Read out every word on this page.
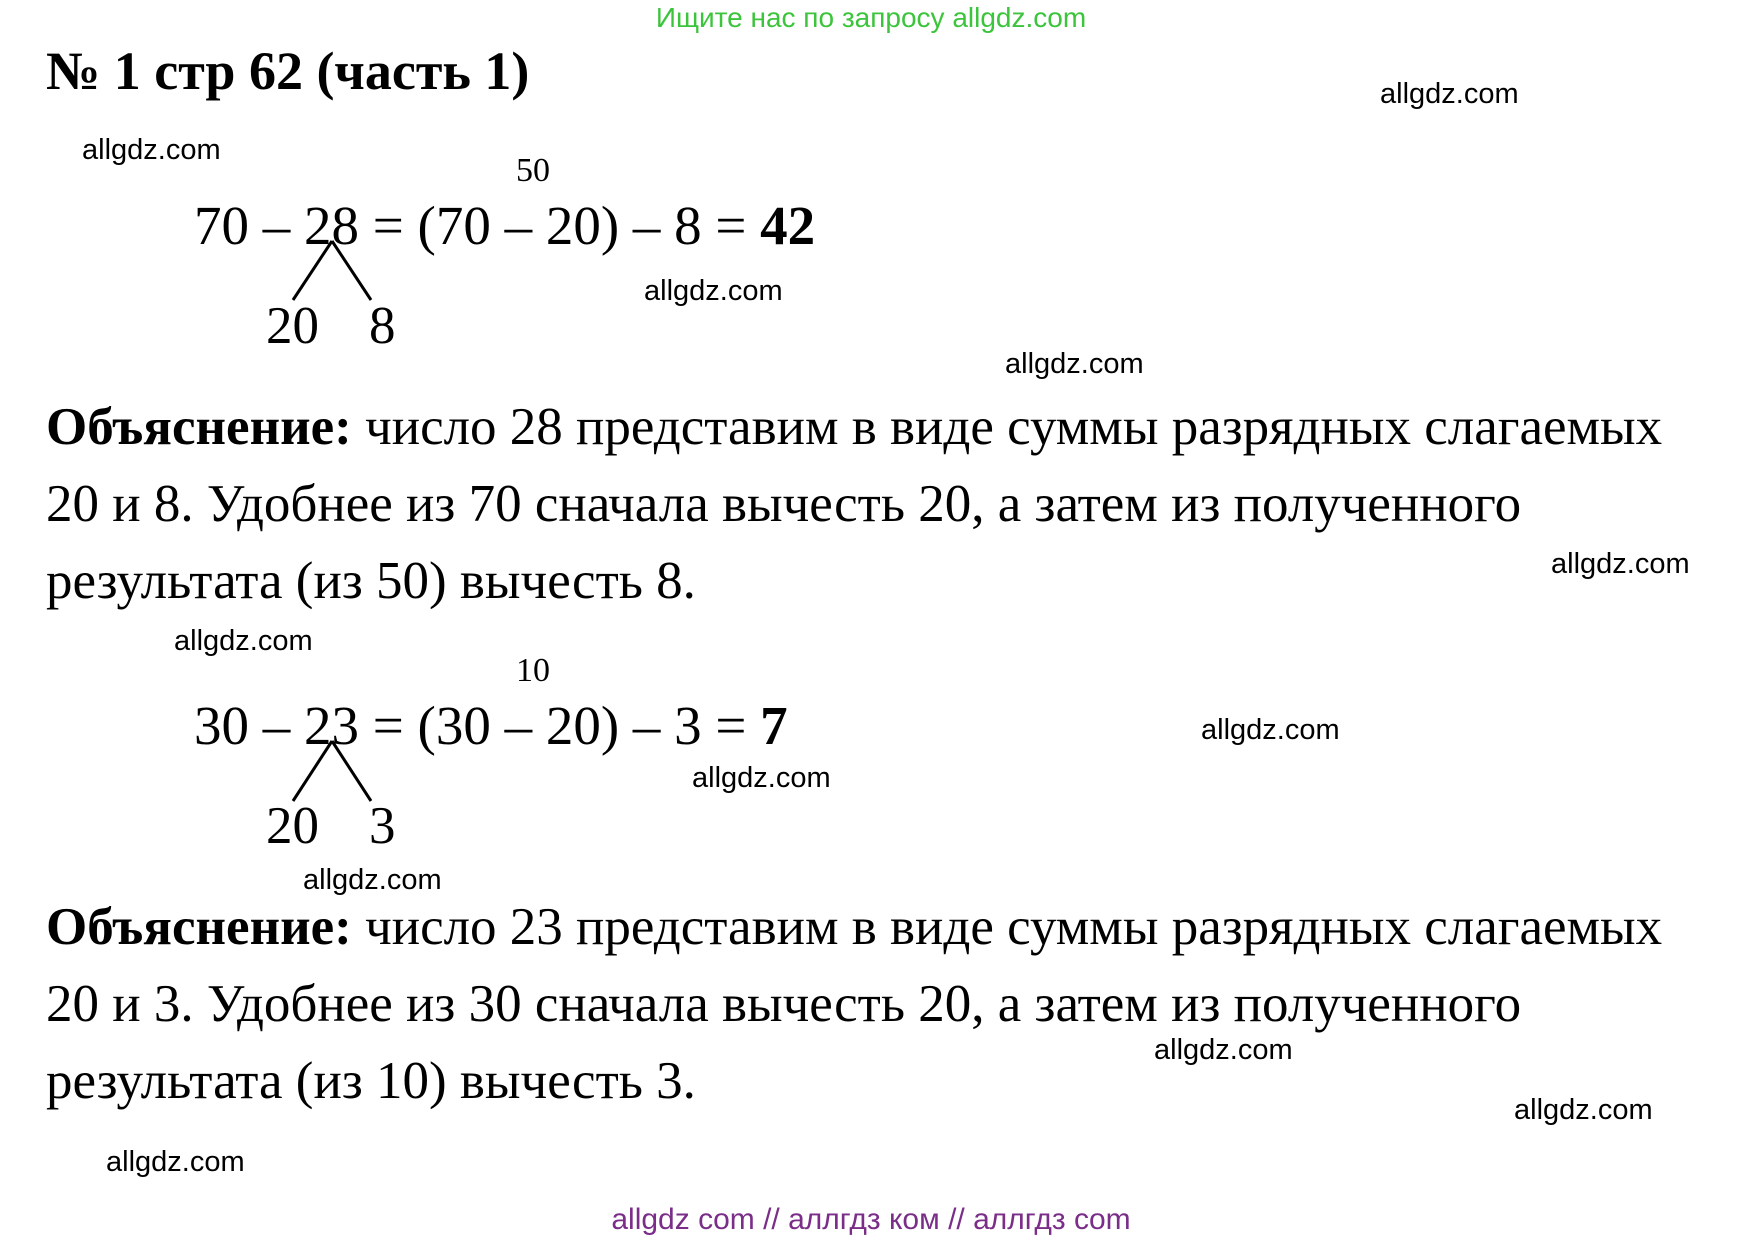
Ищите нас по запросу allgdz.com
№ 1 стр 62 (часть 1)	allgdz.com
allgdz.com
allgdz.com
allgdz.com
allgdz.com
allgdz.com
allgdz.com
allgdz.com
allgdz.com
allgdz.com
allgdz.com
allgdz.com
50
70 – 28 = (70 – 20) – 8 = 42
20 8
Объяснение: число 28 представим в виде суммы разрядных слагаемых 20 и 8. Удобнее из 70 сначала вычесть 20, а затем из полученного результата (из 50) вычесть 8.
10
30 – 23 = (30 – 20) – 3 = 7
20 3
Объяснение: число 23 представим в виде суммы разрядных слагаемых 20 и 3. Удобнее из 30 сначала вычесть 20, а затем из полученного результата (из 10) вычесть 3.
allgdz com // аллгдз ком // аллгдз com
